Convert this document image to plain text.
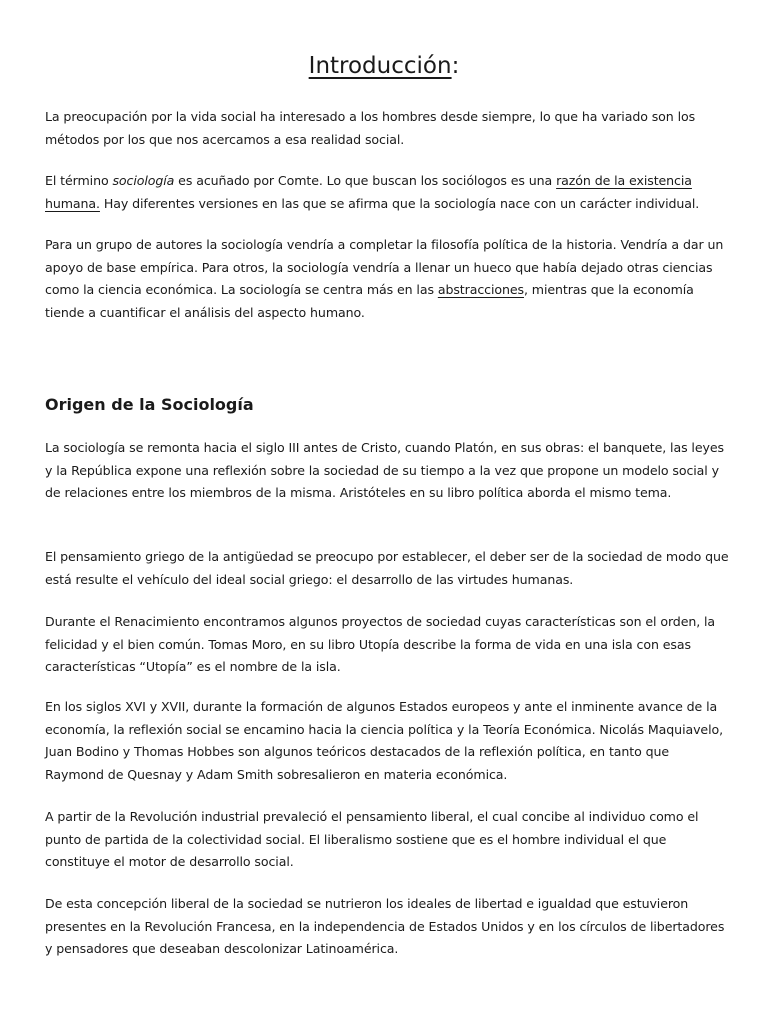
Introducción:

La preocupación por la vida social ha interesado a los hombres desde siempre, lo que ha variado son los métodos por los que nos acercamos a esa realidad social.

El término sociología es acuñado por Comte. Lo que buscan los sociólogos es una razón de la existencia humana. Hay diferentes versiones en las que se afirma que la sociología nace con un carácter individual.

Para un grupo de autores la sociología vendría a completar la filosofía política de la historia. Vendría a dar un apoyo de base empírica. Para otros, la sociología vendría a llenar un hueco que había dejado otras ciencias como la ciencia económica. La sociología se centra más en las abstracciones, mientras que la economía tiende a cuantificar el análisis del aspecto humano.

Origen de la Sociología

La sociología se remonta hacia el siglo III antes de Cristo, cuando Platón, en sus obras: el banquete, las leyes y la República expone una reflexión sobre la sociedad de su tiempo a la vez que propone un modelo social y de relaciones entre los miembros de la misma. Aristóteles en su libro política aborda el mismo tema.

El pensamiento griego de la antigüedad se preocupo por establecer, el deber ser de la sociedad de modo que está resulte el vehículo del ideal social griego: el desarrollo de las virtudes humanas.

Durante el Renacimiento encontramos algunos proyectos de sociedad cuyas características son el orden, la felicidad y el bien común. Tomas Moro, en su libro Utopía describe la forma de vida en una isla con esas características “Utopía” es el nombre de la isla.

En los siglos XVI y XVII, durante la formación de algunos Estados europeos y ante el inminente avance de la economía, la reflexión social se encamino hacia la ciencia política y la Teoría Económica. Nicolás Maquiavelo, Juan Bodino y Thomas Hobbes son algunos teóricos destacados de la reflexión política, en tanto que Raymond de Quesnay y Adam Smith sobresalieron en materia económica.

A partir de la Revolución industrial prevaleció el pensamiento liberal, el cual concibe al individuo como el punto de partida de la colectividad social. El liberalismo sostiene que es el hombre individual el que constituye el motor de desarrollo social.

De esta concepción liberal de la sociedad se nutrieron los ideales de libertad e igualdad que estuvieron presentes en la Revolución Francesa, en la independencia de Estados Unidos y en los círculos de libertadores y pensadores que deseaban descolonizar Latinoamérica.
